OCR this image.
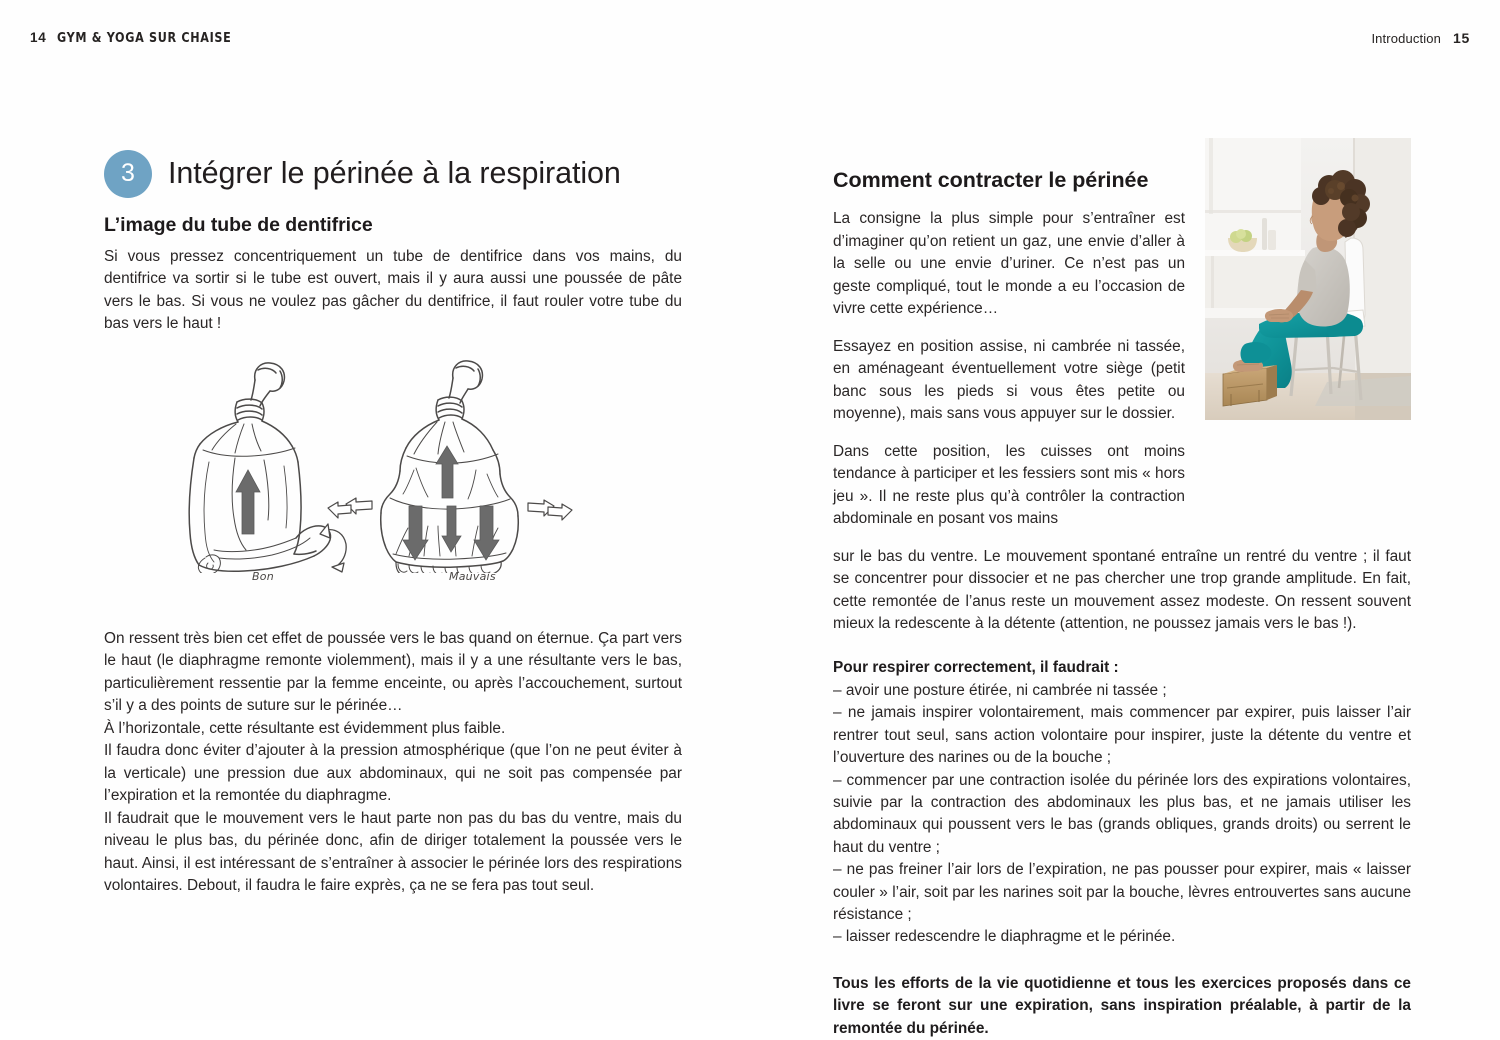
14 GYM & YOGA SUR CHAISE	Introduction 15
3	Intégrer le périnée à la respiration
L’image du tube de dentifrice

Si vous pressez concentriquement un tube de dentifrice dans vos mains, du dentifrice va sortir si le tube est ouvert, mais il y aura aussi une poussée de pâte vers le bas. Si vous ne voulez pas gâcher du dentifrice, il faut rouler votre tube du bas vers le haut !

Bon	Mauvais

On ressent très bien cet effet de poussée vers le bas quand on éternue. Ça part vers le haut (le diaphragme remonte violemment), mais il y a une résultante vers le bas, particulièrement ressentie par la femme enceinte, ou après l’accouchement, surtout s’il y a des points de suture sur le périnée…

À l’horizontale, cette résultante est évidemment plus faible.

Il faudra donc éviter d’ajouter à la pression atmosphérique (que l’on ne peut éviter à la verticale) une pression due aux abdominaux, qui ne soit pas compensée par l’expiration et la remontée du diaphragme.

Il faudrait que le mouvement vers le haut parte non pas du bas du ventre, mais du niveau le plus bas, du périnée donc, afin de diriger totalement la poussée vers le haut. Ainsi, il est intéressant de s’entraîner à associer le périnée lors des respirations volontaires. Debout, il faudra le faire exprès, ça ne se fera pas tout seul.

Comment contracter le périnée

La consigne la plus simple pour s’entraîner est d’imaginer qu’on retient un gaz, une envie d’aller à la selle ou une envie d’uriner. Ce n’est pas un geste compliqué, tout le monde a eu l’occasion de vivre cette expérience…

Essayez en position assise, ni cambrée ni tassée, en aménageant éventuellement votre siège (petit banc sous les pieds si vous êtes petite ou moyenne), mais sans vous appuyer sur le dossier.

Dans cette position, les cuisses ont moins tendance à participer et les fessiers sont mis « hors jeu ». Il ne reste plus qu’à contrôler la contraction abdominale en posant vos mains

sur le bas du ventre. Le mouvement spontané entraîne un rentré du ventre ; il faut se concentrer pour dissocier et ne pas chercher une trop grande amplitude. En fait, cette remontée de l’anus reste un mouvement assez modeste. On ressent souvent mieux la redescente à la détente (attention, ne poussez jamais vers le bas !).

Pour respirer correctement, il faudrait :

– avoir une posture étirée, ni cambrée ni tassée ;

– ne jamais inspirer volontairement, mais commencer par expirer, puis laisser l’air rentrer tout seul, sans action volontaire pour inspirer, juste la détente du ventre et l’ouverture des narines ou de la bouche ;

– commencer par une contraction isolée du périnée lors des expirations volontaires, suivie par la contraction des abdominaux les plus bas, et ne jamais utiliser les abdominaux qui poussent vers le bas (grands obliques, grands droits) ou serrent le haut du ventre ;

– ne pas freiner l’air lors de l’expiration, ne pas pousser pour expirer, mais « laisser couler » l’air, soit par les narines soit par la bouche, lèvres entrouvertes sans aucune résistance ;

– laisser redescendre le diaphragme et le périnée.

Tous les efforts de la vie quotidienne et tous les exercices proposés dans ce livre se feront sur une expiration, sans inspiration préalable, à partir de la remontée du périnée.
